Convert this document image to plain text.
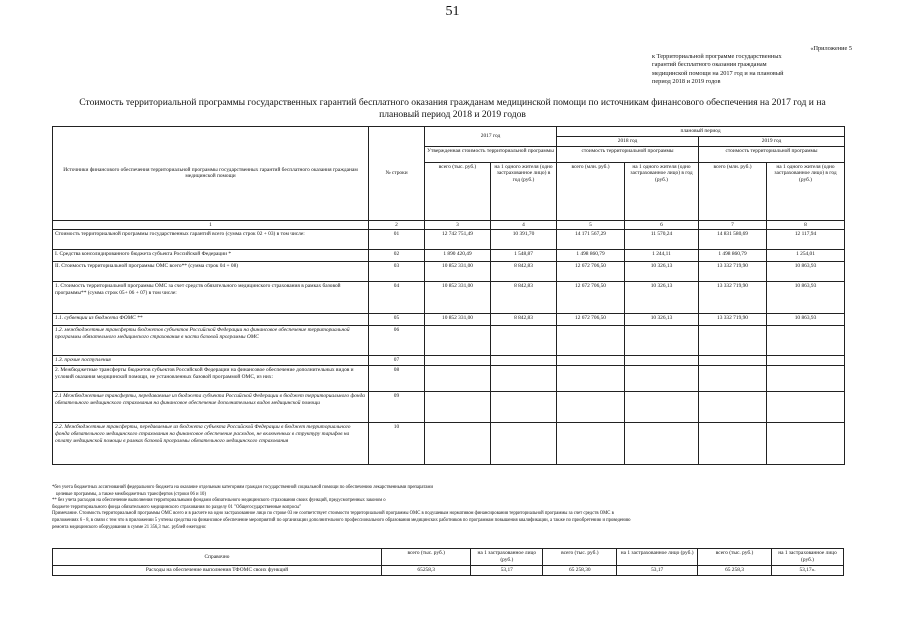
51
«Приложение 5
к Территориальной программе государственных
гарантий бесплатного оказания гражданам
медицинской помощи на 2017 год и на плановый
период 2018 и 2019 годов
Стоимость территориальной программы государственных гарантий бесплатного оказания гражданам медицинской помощи по источникам финансового обеспечения на 2017 год и на
плановый период 2018 и 2019 годов
Источники финансового обеспечения территориальной программы государственных гарантий бесплатного оказания гражданам медицинской помощи	№ строки	2017 год		плановый период			
				2018 год		2019 год	
		Утвержденная стоимость территориальной программы		стоимость территориальной программы		стоимость территориальной программы	
		всего (тыс. руб.)	на 1 одного жителя (одно застрахованное лицо) в год (руб.)	всего (млн. руб.)	на 1 одного жителя (одно застрахованное лицо) в год (руб.)	всего (млн. руб.)	на 1 одного жителя (одно застрахованное лицо) в год (руб.)
1	2	3	4	5	6	7	8
Стоимость территориальной программы государственных гарантий всего (сумма строк 02 + 03) в том числе:	01	12 742 751,49	10 391,70	14 171 567,29	11 570,24	14 831 580,69	12 117,94
I. Средства консолидированного бюджета субъекта Российской Федерации *	02	1 890 420,49	1 548,87	1 498 860,79	1 244,11	1 498 860,79	1 254,01
II. Стоимость территориальной программы ОМС всего** (сумма строк 04 + 08)	03	10 852 331,00	8 842,83	12 672 706,50	10 326,13	13 332 719,90	10 863,93
1. Стоимость территориальной программы ОМС за счет средств обязательного медицинского страхования в рамках базовой программы** (сумма строк 05+ 06 + 07) в том числе:	04	10 852 331,00	8 842,83	12 672 706,50	10 326,13	13 332 719,90	10 863,93
1.1. субвенции из бюджета ФОМС **	05	10 852 331,00	8 842,83	12 672 706,50	10 326,13	13 332 719,90	10 863,93
1.2. межбюджетные трансферты бюджетов субъектов Российской Федерации на финансовое обеспечение территориальной программы обязательного медицинского страхования в части базовой программы ОМС	06						
1.3. прочие поступления	07						
2. Межбюджетные трансферты бюджетов субъектов Российской Федерации на финансовое обеспечение дополнительных видов и условий оказания медицинской помощи, не установленных базовой программой ОМС, из них:	08						
2.1 Межбюджетные трансферты, передаваемые из бюджета субъекта Российской Федерации в бюджет территориального фонда обязательного медицинского страхования на финансовое обеспечение дополнительных видов медицинской помощи	09						
2.2. Межбюджетные трансферты, передаваемые из бюджета субъекта Российской Федерации в бюджет территориального фонда обязательного медицинского страхования на финансовое обеспечение расходов, не включенных в структуру тарифов на оплату медицинской помощи в рамках базовой программы обязательного медицинского страхования	10						
*без учета бюджетных ассигнований федерального бюджета на оказание отдельным категориям граждан государственной социальной помощи по обеспечению лекарственными препаратами
целевые программы, а также межбюджетных трансфертов (строки 06 и 10)
** без учета расходов на обеспечение выполнения территориальными фондами обязательного медицинского страхования своих функций, предусмотренных законом о
бюджете территориального фонда обязательного медицинского страхования по разделу 01 "Общегосударственные вопросы"
Примечание. Стоимость территориальной программы ОМС всего и в расчете на одно застрахованное лицо по строке 03 не соответствует стоимости территориальной программы ОМС в подушевым нормативом финансирования территориальной программы за счет средств ОМС в
приложениях 6 - 8, в связи с тем что в приложении 5 учтены средства на финансовое обеспечение мероприятий по организации дополнительного профессионального образования медицинских работников по программам повышения квалификации, а также по приобретению и проведению
ремонта медицинского оборудования в сумме 21 356,3 тыс. рублей ежегодно:
Справочно	всего (тыс. руб.)	на 1 застрахованное лицо (руб.)	всего (тыс. руб.)	на 1 застрахованное лицо (руб.)	всего (тыс. руб.)	на 1 застрахованное лицо (руб.)
Расходы на обеспечение выполнения ТФОМС своих функций	65258,3	53,17	65 258,30	53,17	65 258,3	53,17».
